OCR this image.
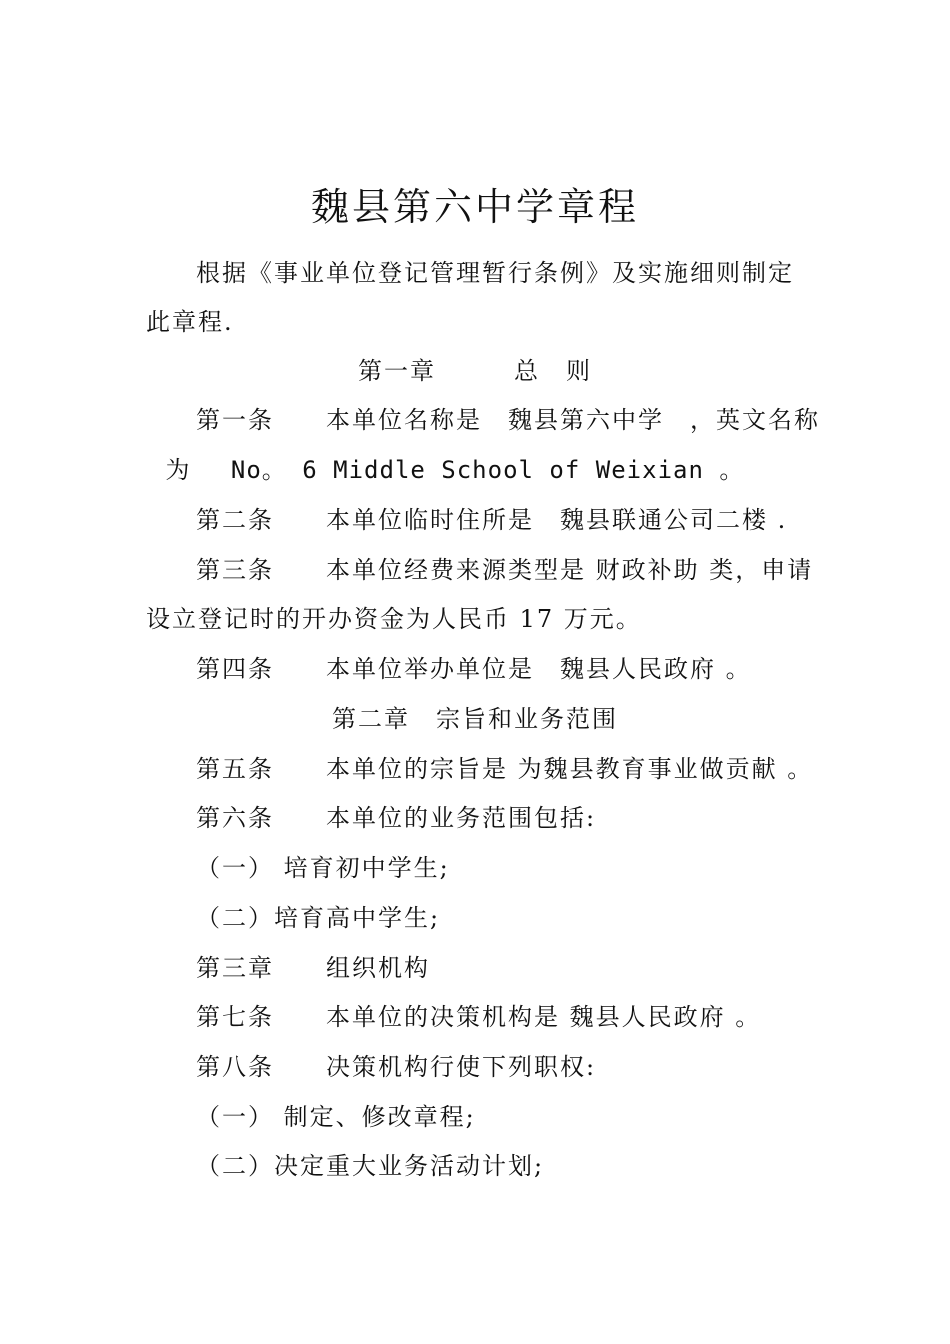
魏县第六中学章程
根据《事业单位登记管理暂行条例》及实施细则制定
此章程.
第一章　　　总　则
第一条　　本单位名称是　魏县第六中学　，英文名称
为　 No。 6 Middle School of Weixian 。
第二条　　本单位临时住所是　魏县联通公司二楼 .
第三条　　本单位经费来源类型是 财政补助 类，申请
设立登记时的开办资金为人民币 17 万元。
第四条　　本单位举办单位是　魏县人民政府 。
第二章　宗旨和业务范围
第五条　　本单位的宗旨是 为魏县教育事业做贡献 。
第六条　　本单位的业务范围包括:
（一） 培育初中学生;
（二）培育高中学生;
第三章　　组织机构
第七条　　本单位的决策机构是 魏县人民政府 。
第八条　　决策机构行使下列职权:
（一） 制定、修改章程;
（二）决定重大业务活动计划;
